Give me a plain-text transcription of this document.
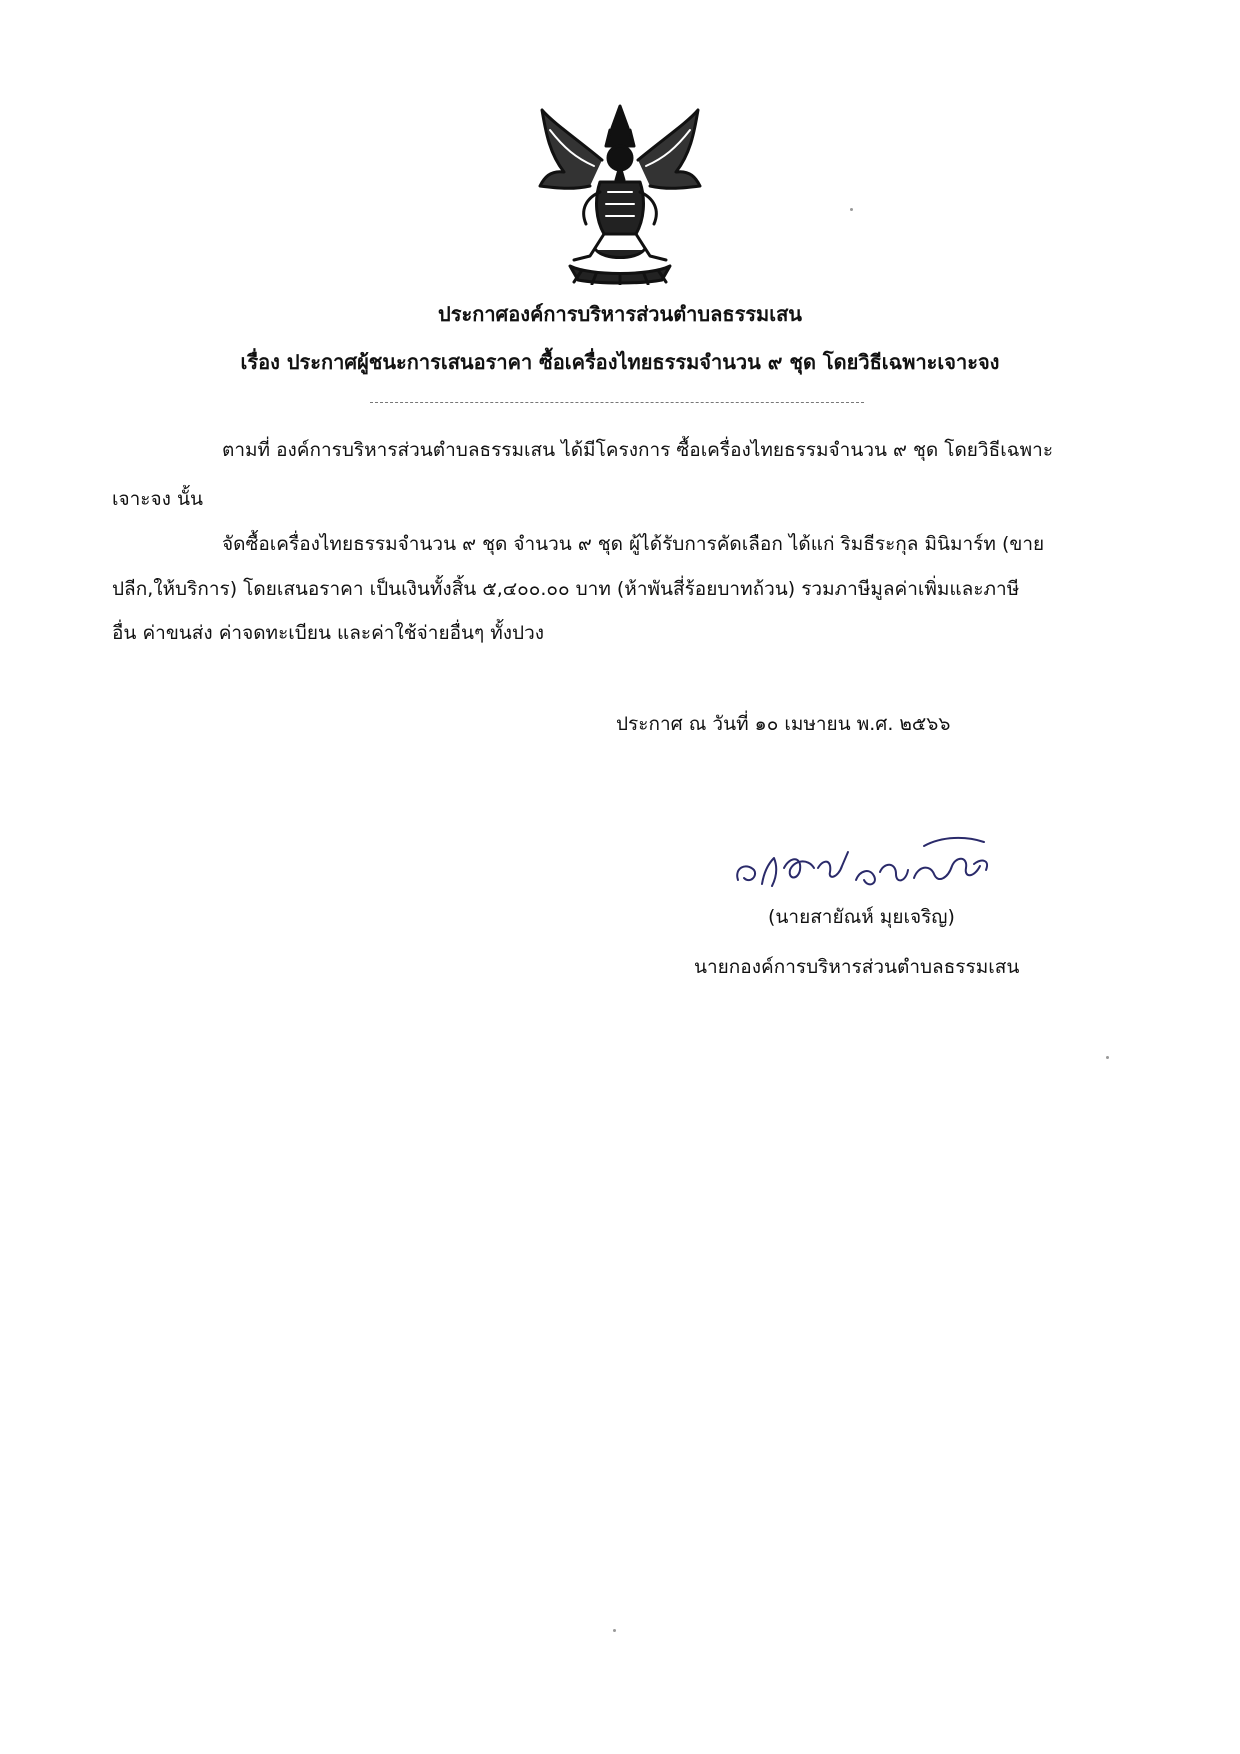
ประกาศองค์การบริหารส่วนตำบลธรรมเสน
เรื่อง ประกาศผู้ชนะการเสนอราคา ซื้อเครื่องไทยธรรมจำนวน ๙ ชุด โดยวิธีเฉพาะเจาะจง
ตามที่ องค์การบริหารส่วนตำบลธรรมเสน ได้มีโครงการ ซื้อเครื่องไทยธรรมจำนวน ๙ ชุด โดยวิธีเฉพาะ
เจาะจง นั้น
จัดซื้อเครื่องไทยธรรมจำนวน ๙ ชุด จำนวน ๙ ชุด ผู้ได้รับการคัดเลือก ได้แก่ ริมธีระกุล มินิมาร์ท (ขาย
ปลีก,ให้บริการ) โดยเสนอราคา เป็นเงินทั้งสิ้น ๕,๔๐๐.๐๐ บาท (ห้าพันสี่ร้อยบาทถ้วน) รวมภาษีมูลค่าเพิ่มและภาษี
อื่น ค่าขนส่ง ค่าจดทะเบียน และค่าใช้จ่ายอื่นๆ ทั้งปวง
ประกาศ ณ วันที่ ๑๐ เมษายน พ.ศ. ๒๕๖๖
(นายสายัณห์ มุยเจริญ)
นายกองค์การบริหารส่วนตำบลธรรมเสน
